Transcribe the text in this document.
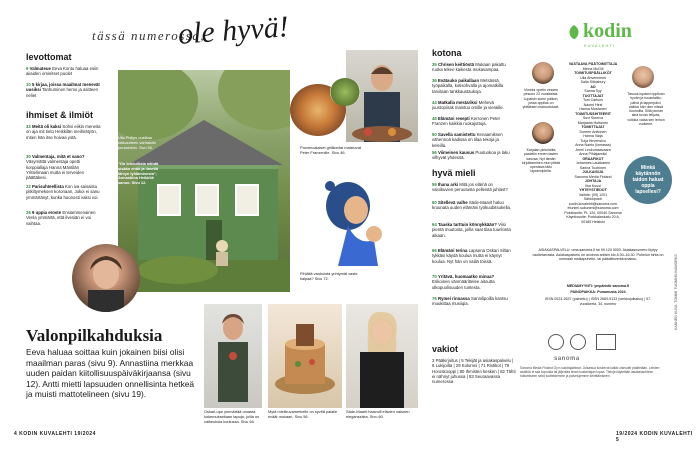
tässä numerossa,
ole hyvä!
levottomat
9 Valmateue Eeva Kontu haluaa esiin aiiaiden ominitset puolet
10 5 kirjaa, joissa maailmat menevät uusiksi Tanhuminen hemo ja asitteen neliet
ihmiset & ilmiöt
32 Meitä oli kaksi Sohvi eiikin meneita on aja mit tieto Heikkilän meilmätyön, miten hän itse hoivaa ystä.
30 Valmentaja, mitä et sano? Väsymättä valmentaja opetti korppiallaja Hanna Mäntilän Yrittelimaan mutta ei terveiden päättäkesi.
22 Parisuhteellista Kun iva saisaitsu pitkiltymeksen koronaan, Jukoi ei sanu ymmärtänyt, kunka huonosti vaksi voi.
26 9 uppia eroste Ensiammenainen Venla ymmärtä, että ilvesiän ei voi vaihtaa.
Ulla Philips ousittaa rakkautteen varhaisiin puutaloihin. Sivu 50.
"On lohdullista nähdä sisään ehtiä ja ilmeitä lähiyn lyhtämisesta", Annastiina Heikkilä sanoo. Sivu 12.
Provencalaiset grillikertat maistuvat Peter Franzenille. Sivu 46.
Pihläiiä vanhoista ynhtymät vaste kaipaa? Sivu 72.
Valonpilkahduksia
Eeva haluaa soittaa kuin jokainen biisi olisi maailman paras (sivu 9). Annastiina merkkaa uuden paidan kiitollisuuspäiväkirjaansa (sivu 12). Antti mietti lapsuuden onnellisinta hetkeä ja muisti mattotelineen (sivu 19).
Oskari-upe ymmärtää omasta kokemukseltaan tapoja, joilla on vaikeuksia koulussa. Sivu 66.
Mytä mielikuvamerkelle on syvitä palaile eväät mukaan. Sivu 56.
Säde-Maarit haavolli elävien naiseen eleganssista. Sivu 60.
kotona
35 Chrisen keittiöstä Mukaan pakattu ruoka tekee kaikesta mukavampaa.
36 Evätauko paikallaan Metsässä, työpaikalla, kotisohvalla ja ajomatkilla tarvitaan tankkaustaukoja.
44 Matkalla mestariksi Mehevä juustopiirak maistuu omille ja vieraille.
46 Elämäni resepti Kerronen Peter Franzen kaikkia ruokajuttuja.
50 Savella samistettu Kenaamiksen vähennoä kadissa on tilaa tekoja ja keleilla.
56 Viimeinen kausus Puutuokoa ja laku vilhyvät yhdessä.
hyvä mieli
59 Ihana arki Mitä jos elämä on valoikuvien peruutusta pelleistä juhlast?
60 Sitellevä valhe Säde-Maarit haluo kruunata uuden elämäni työkuubitsukella.
64 Taaska tarttuin könnykkään? Viisi pientä muutosta, joilla saat tilaa tuurilonta aikaan.
66 Elämäni terina Lapsena Oskari Siltan tykkäsi käydä koulua mutta ei käynyt koulua. Nyt hän on vaiilä töissä.
70 Yritävä, huomaatko minua? Erikoinen vänmäärittelee aitoutta ulkopuolisuuden tuntesta.
76 Rymei rinnassa Sannilipoilla kantsu muukittaa musiiqia.
vakiot
3 Pääkirjoitus | 5 Tekijät ja asiakaspalvelu | 6 Lukijoilta | 29 Kolumni | 71 Ristikot | 79 Horoskooppi | 80 Ihmisten kesken | 82 Tähti ei nähnyt juhussa | 83 Seuraavassa numerossa
kodin
KUVALEHTI
Vimeks opetin vessen pesuun 22 vuositaisia. Lupaisin sumn paikon, jossa oppilas on yldtäksen mahuutukset.
Karjalan-pirkolaiita pastellin ennen tasten kasvaa. Nyt tämän kirjoittaminen mun pittää opentava taito lapsernipirilla.
Tasuus ispaani oppilvan hyvän ja ruuanlaitto- päivä ja lapperpäivi, vaikka hän olen niissä huonoilla. Sillä pinnan aina tuvan lelijuss, voiloka vaiaa sen lemon vuokeen.
Minkä käytännön taidon haluat oppia lapsellesi?
VASTAAVA PÄÄTOIMITTAJA
Minna McGill
TOIMITUSPÄÄLLIKÖT
Ulla Ahvenniemi
Saila Siitosbury
AD
Sanna Syy
TUOTTAJAT
Toni Carlson
Naomi Hirst
Hanna Mustonen
TOIMITUSSIHTEERIT
Suvi Sinerva
Marjaana Huttunen
TOIMITTAJAT
Doreen Anttonen
Hanna Vaija
Tuija Hirvensivu
Anna Nanto (lomassa)
Jenni Leukumaavaara
Anna Pihlajamäki
GRAAFIKOT
Johannes Laukkanen
Sanna Tuohinen
JULKAISIJA
Sanoma Media Finland
JOHTAJA
Ilsa Kuusi
YHTEYSTIEDOT
Vaihde: (09) 1201
Sähköposti: kodin.kuvalehti@sanoma.com
etunimi.sukunimi@sanoma.com
Postiosoite: PL 120, 00040 Sanoma
Käyntiosoite: Porkkalankatu 20 A, 00180 Helsinki
ASIAKASPALVELU: oma.sanoma.fi tai 09 120 5000. Asiakasnumero löytyy osoitetarrasta. Asiakaspalvelu on avoinna arkisin klo 8.30–16.30. Puhelun hinta on normaali matkapuhelin- tai paikallisverkkomaksu.
MEDIAMYYNTI: ympäristö sanoma.fi
PAINOPAIKKA: Punamusta 2024
ISSN 0023-2637 (painettu) | ISSN 2669-9133 (verkkojulkaisu) | 57. vuosikerta, 34. numero
sanoma
Sanoma Media Finland Oy:n kuluttajatiedot. Julkaisua koskevat kaikki oikeudet pidätetään. Lehden sisältöä ei saa kopioida tai jäljentää ilman kustantajan lupaa. Tietoja käytetään asiakassuhteen hoitamiseen sekä tuotteidemme ja palvelujemme kehittämiseen.
KANNEN KUVA: TOMMI TUOMI/KUVAWORKS
4 KODIN KUVALEHTI 19/2024	19/2024 KODIN KUVALEHTI 5
